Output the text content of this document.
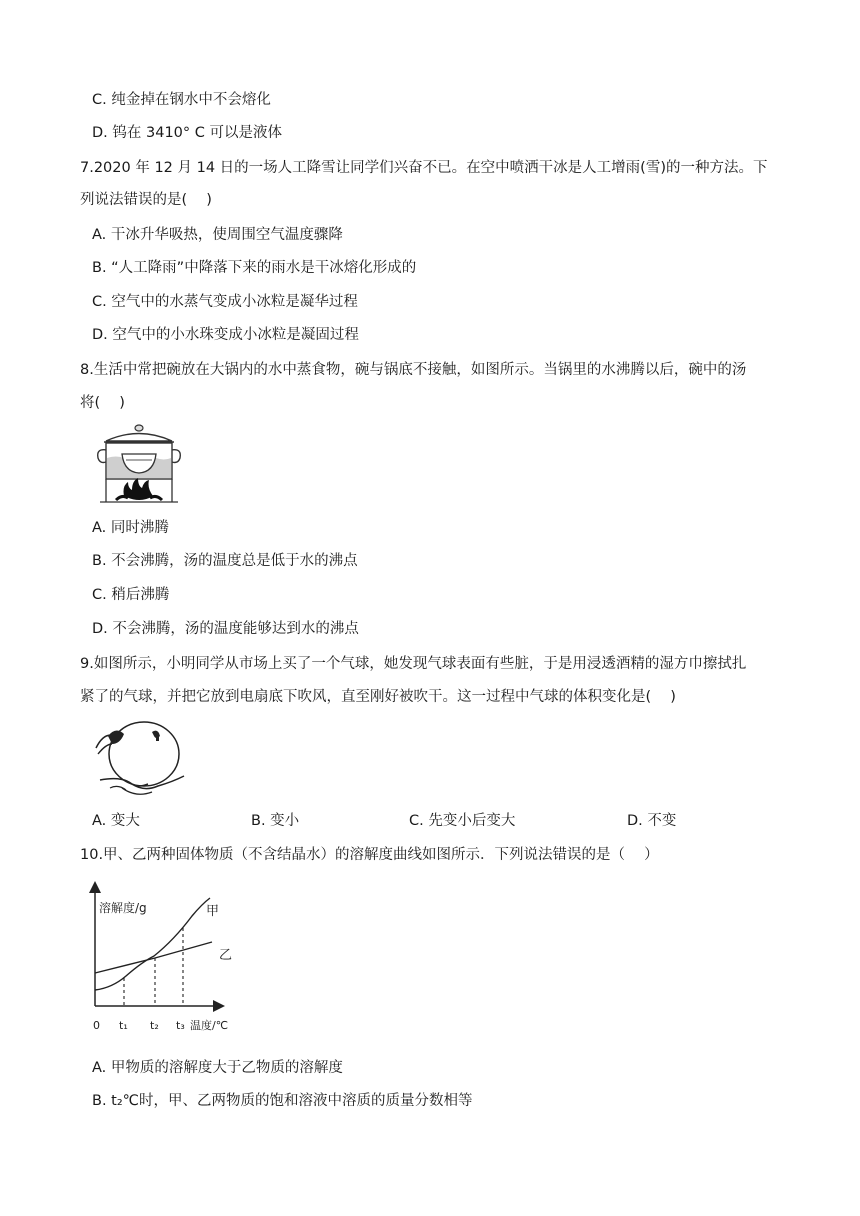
C. 纯金掉在钢水中不会熔化
D. 钨在 3410° C 可以是液体
7.2020 年 12 月 14 日的一场人工降雪让同学们兴奋不已。在空中喷洒干冰是人工增雨(雪)的一种方法。下
列说法错误的是(　 )
A. 干冰升华吸热，使周围空气温度骤降
B. “人工降雨”中降落下来的雨水是干冰熔化形成的
C. 空气中的水蒸气变成小冰粒是凝华过程
D. 空气中的小水珠变成小冰粒是凝固过程
8.生活中常把碗放在大锅内的水中蒸食物，碗与锅底不接触，如图所示。当锅里的水沸腾以后，碗中的汤
将(　 )
A. 同时沸腾
B. 不会沸腾，汤的温度总是低于水的沸点
C. 稍后沸腾
D. 不会沸腾，汤的温度能够达到水的沸点
9.如图所示，小明同学从市场上买了一个气球，她发现气球表面有些脏，于是用浸透酒精的湿方巾擦拭扎
紧了的气球，并把它放到电扇底下吹风，直至刚好被吹干。这一过程中气球的体积变化是(　 )
A. 变大	B. 变小	C. 先变小后变大	D. 不变
10.甲、乙两种固体物质（不含结晶水）的溶解度曲线如图所示．下列说法错误的是（　 ）
溶解度/g	甲
乙
0 t₁ t₂ t₃ 温度/℃
A. 甲物质的溶解度大于乙物质的溶解度
B. t₂℃时，甲、乙两物质的饱和溶液中溶质的质量分数相等
